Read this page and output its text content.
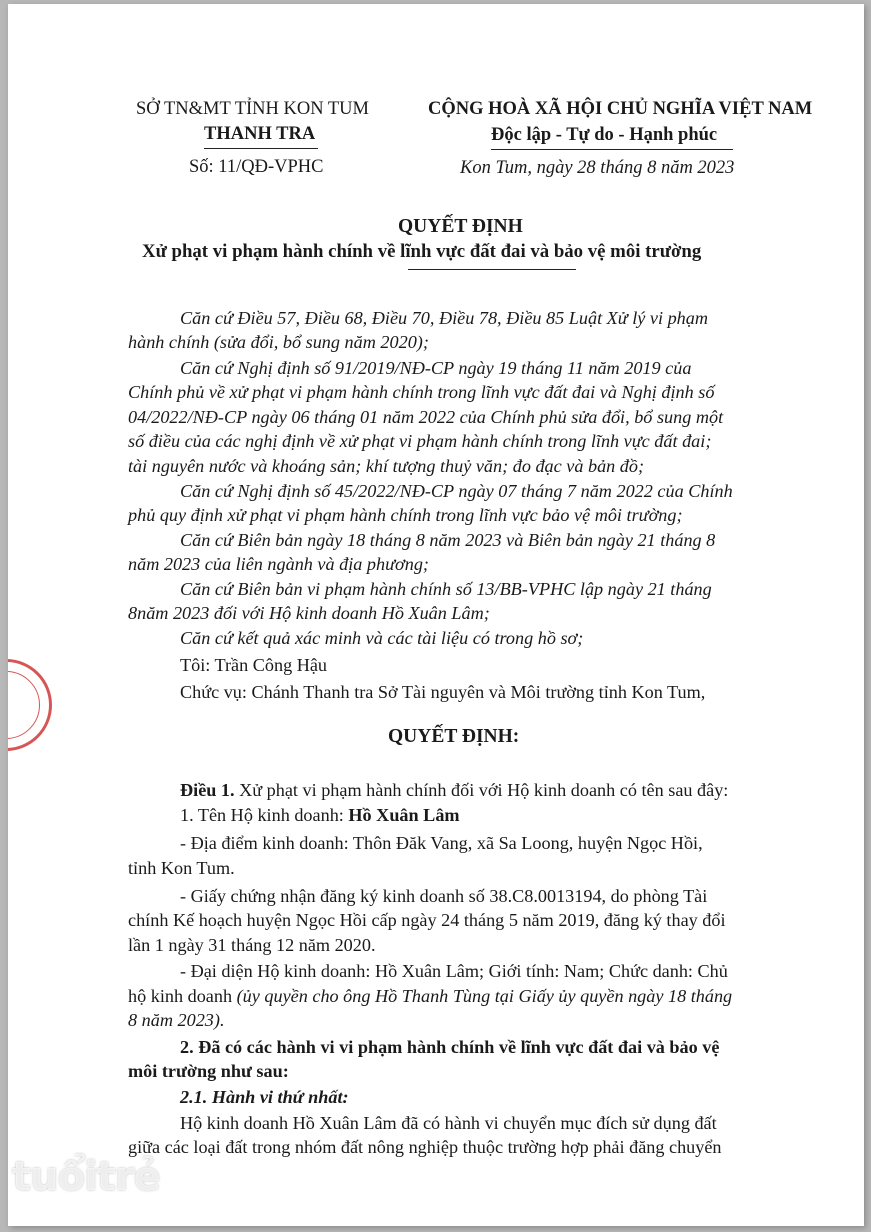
SỞ TN&MT TỈNH KON TUM
THANH TRA
Số: 11/QĐ-VPHC
CỘNG HOÀ XÃ HỘI CHỦ NGHĨA VIỆT NAM
Độc lập - Tự do - Hạnh phúc
Kon Tum, ngày 28 tháng 8 năm 2023
QUYẾT ĐỊNH
Xử phạt vi phạm hành chính về lĩnh vực đất đai và bảo vệ môi trường
Căn cứ Điều 57, Điều 68, Điều 70, Điều 78, Điều 85 Luật Xử lý vi phạm
hành chính (sửa đổi, bổ sung năm 2020);
Căn cứ Nghị định số 91/2019/NĐ-CP ngày 19 tháng 11 năm 2019 của
Chính phủ về xử phạt vi phạm hành chính trong lĩnh vực đất đai và Nghị định số
04/2022/NĐ-CP ngày 06 tháng 01 năm 2022 của Chính phủ sửa đổi, bổ sung một
số điều của các nghị định về xử phạt vi phạm hành chính trong lĩnh vực đất đai;
tài nguyên nước và khoáng sản; khí tượng thuỷ văn; đo đạc và bản đồ;
Căn cứ Nghị định số 45/2022/NĐ-CP ngày 07 tháng 7 năm 2022 của Chính
phủ quy định xử phạt vi phạm hành chính trong lĩnh vực bảo vệ môi trường;
Căn cứ Biên bản ngày 18 tháng 8 năm 2023 và Biên bản ngày 21 tháng 8
năm 2023 của liên ngành và địa phương;
Căn cứ Biên bản vi phạm hành chính số 13/BB-VPHC lập ngày 21 tháng
8năm 2023 đối với Hộ kinh doanh Hồ Xuân Lâm;
Căn cứ kết quả xác minh và các tài liệu có trong hồ sơ;
Tôi: Trần Công Hậu
Chức vụ: Chánh Thanh tra Sở Tài nguyên và Môi trường tỉnh Kon Tum,
QUYẾT ĐỊNH:
Điều 1. Xử phạt vi phạm hành chính đối với Hộ kinh doanh có tên sau đây:
1. Tên Hộ kinh doanh: Hồ Xuân Lâm
- Địa điểm kinh doanh: Thôn Đăk Vang, xã Sa Loong, huyện Ngọc Hồi,
tỉnh Kon Tum.
- Giấy chứng nhận đăng ký kinh doanh số 38.C8.0013194, do phòng Tài
chính Kế hoạch huyện Ngọc Hồi cấp ngày 24 tháng 5 năm 2019, đăng ký thay đổi
lần 1 ngày 31 tháng 12 năm 2020.
- Đại diện Hộ kinh doanh: Hồ Xuân Lâm; Giới tính: Nam; Chức danh: Chủ
hộ kinh doanh (ủy quyền cho ông Hồ Thanh Tùng tại Giấy ủy quyền ngày 18 tháng
8 năm 2023).
2. Đã có các hành vi vi phạm hành chính về lĩnh vực đất đai và bảo vệ
môi trường như sau:
2.1. Hành vi thứ nhất:
Hộ kinh doanh Hồ Xuân Lâm đã có hành vi chuyển mục đích sử dụng đất
giữa các loại đất trong nhóm đất nông nghiệp thuộc trường hợp phải đăng chuyển
tuổitrẻ
